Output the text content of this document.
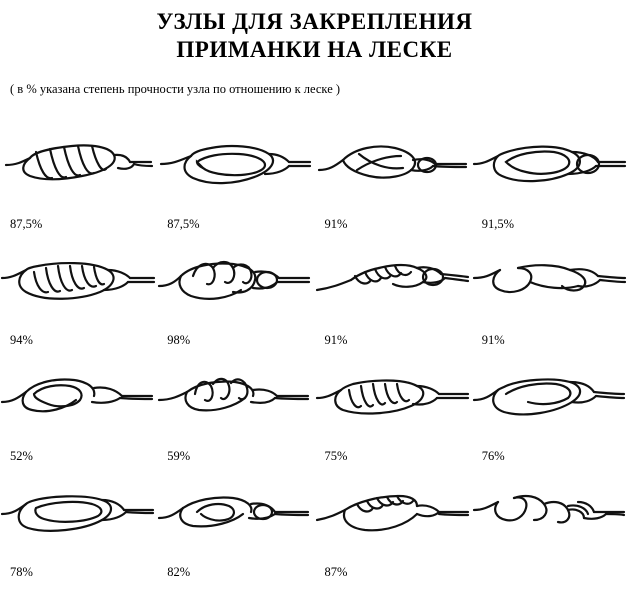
УЗЛЫ ДЛЯ ЗАКРЕПЛЕНИЯ
ПРИМАНКИ НА ЛЕСКЕ
( в % указана степень прочности узла по отношению к леске )
87,5%	87,5%	91%	91,5%
94%	98%	91%	91%
52%	59%	75%	76%
78%	82%	87%
